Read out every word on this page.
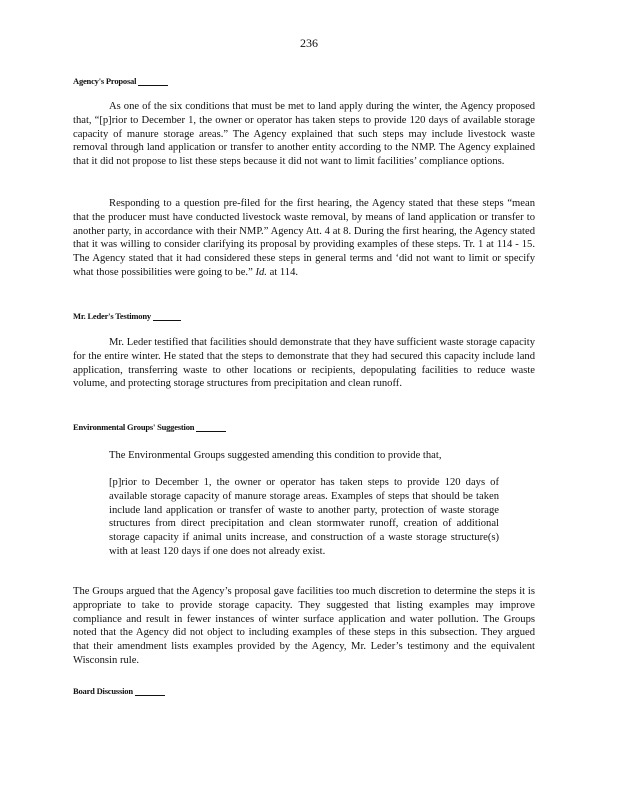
236
Agency's Proposal

As one of the six conditions that must be met to land apply during the winter, the Agency proposed that, “[p]rior to December 1, the owner or operator has taken steps to provide 120 days of available storage capacity of manure storage areas.” The Agency explained that such steps may include livestock waste removal through land application or transfer to another entity according to the NMP. The Agency explained that it did not propose to list these steps because it did not want to limit facilities’ compliance options.

Responding to a question pre-filed for the first hearing, the Agency stated that these steps “mean that the producer must have conducted livestock waste removal, by means of land application or transfer to another party, in accordance with their NMP.” Agency Att. 4 at 8. During the first hearing, the Agency stated that it was willing to consider clarifying its proposal by providing examples of these steps. Tr. 1 at 114 - 15. The Agency stated that it had considered these steps in general terms and ‘did not want to limit or specify what those possibilities were going to be.” Id. at 114.

Mr. Leder's Testimony

Mr. Leder testified that facilities should demonstrate that they have sufficient waste storage capacity for the entire winter. He stated that the steps to demonstrate that they had secured this capacity include land application, transferring waste to other locations or recipients, depopulating facilities to reduce waste volume, and protecting storage structures from precipitation and clean runoff.

Environmental Groups' Suggestion

The Environmental Groups suggested amending this condition to provide that,

[p]rior to December 1, the owner or operator has taken steps to provide 120 days of available storage capacity of manure storage areas. Examples of steps that should be taken include land application or transfer of waste to another party, protection of waste storage structures from direct precipitation and clean stormwater runoff, creation of additional storage capacity if animal units increase, and construction of a waste storage structure(s) with at least 120 days if one does not already exist.

The Groups argued that the Agency’s proposal gave facilities too much discretion to determine the steps it is appropriate to take to provide storage capacity. They suggested that listing examples may improve compliance and result in fewer instances of winter surface application and water pollution. The Groups noted that the Agency did not object to including examples of these steps in this subsection. They argued that their amendment lists examples provided by the Agency, Mr. Leder’s testimony and the equivalent Wisconsin rule.

Board Discussion
